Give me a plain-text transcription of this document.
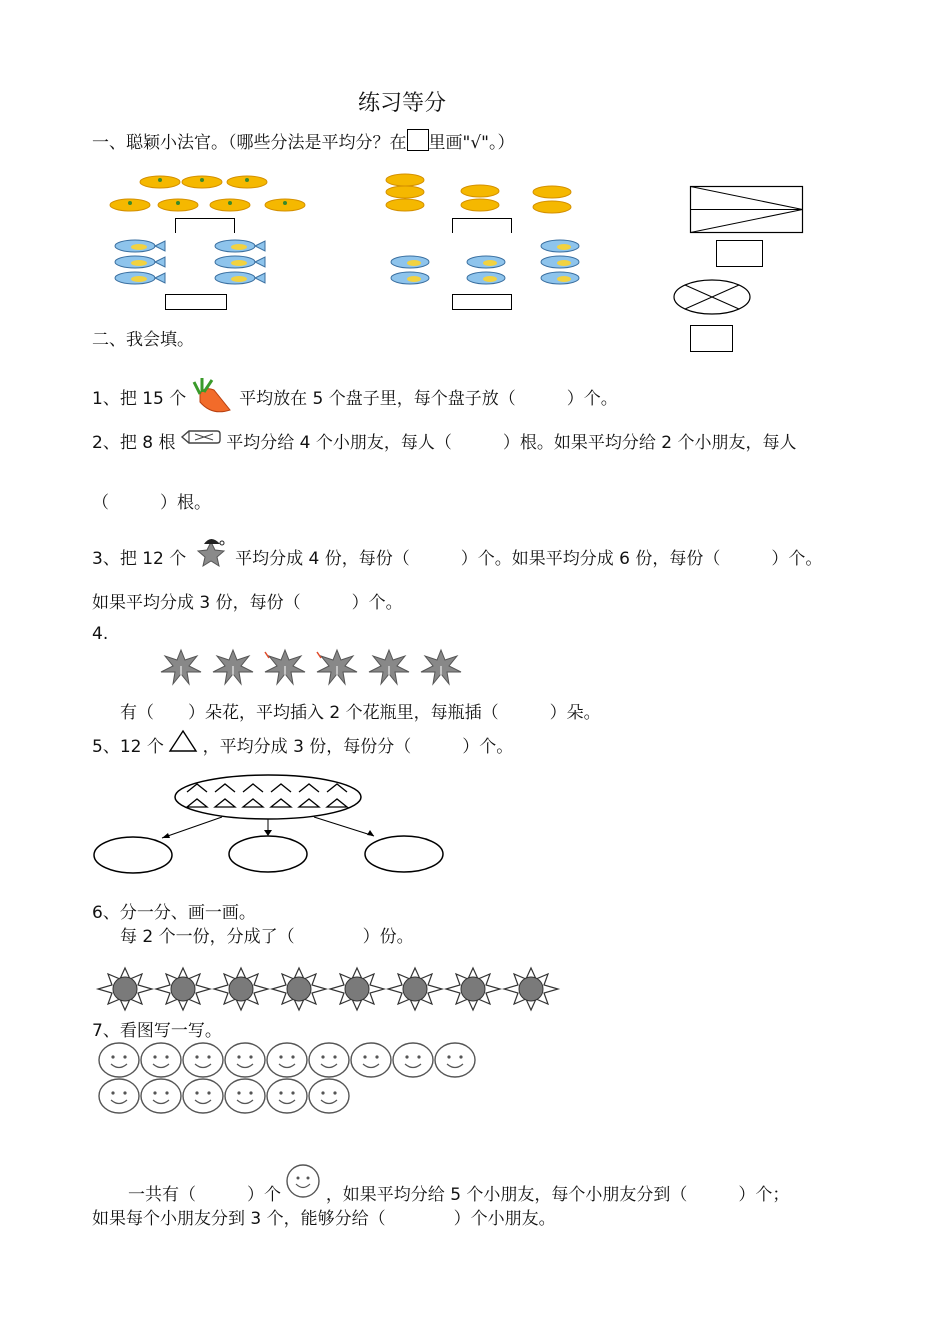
练习等分
一、聪颖小法官。（哪些分法是平均分？在 里画"√"。）
二、我会填。
1、把 15 个	平均放在 5 个盘子里，每个盘子放（　　　）个。
2、把 8 根	平均分给 4 个小朋友，每人（　　　）根。如果平均分给 2 个小朋友，每人
（　　　）根。
3、把 12 个	平均分成 4 份，每份（　　　）个。如果平均分成 6 份，每份（　　　）个。
如果平均分成 3 份，每份（　　　）个。
4.
有（　　）朵花，平均插入 2 个花瓶里，每瓶插（　　　）朵。
5、12 个 ，平均分成 3 份，每份分（　　　）个。
6、分一分、画一画。
每 2 个一份，分成了（　　　　）份。
7、看图写一写。
一共有（　　　）个	，如果平均分给 5 个小朋友，每个小朋友分到（　　　）个；
如果每个小朋友分到 3 个，能够分给（　　　　）个小朋友。
